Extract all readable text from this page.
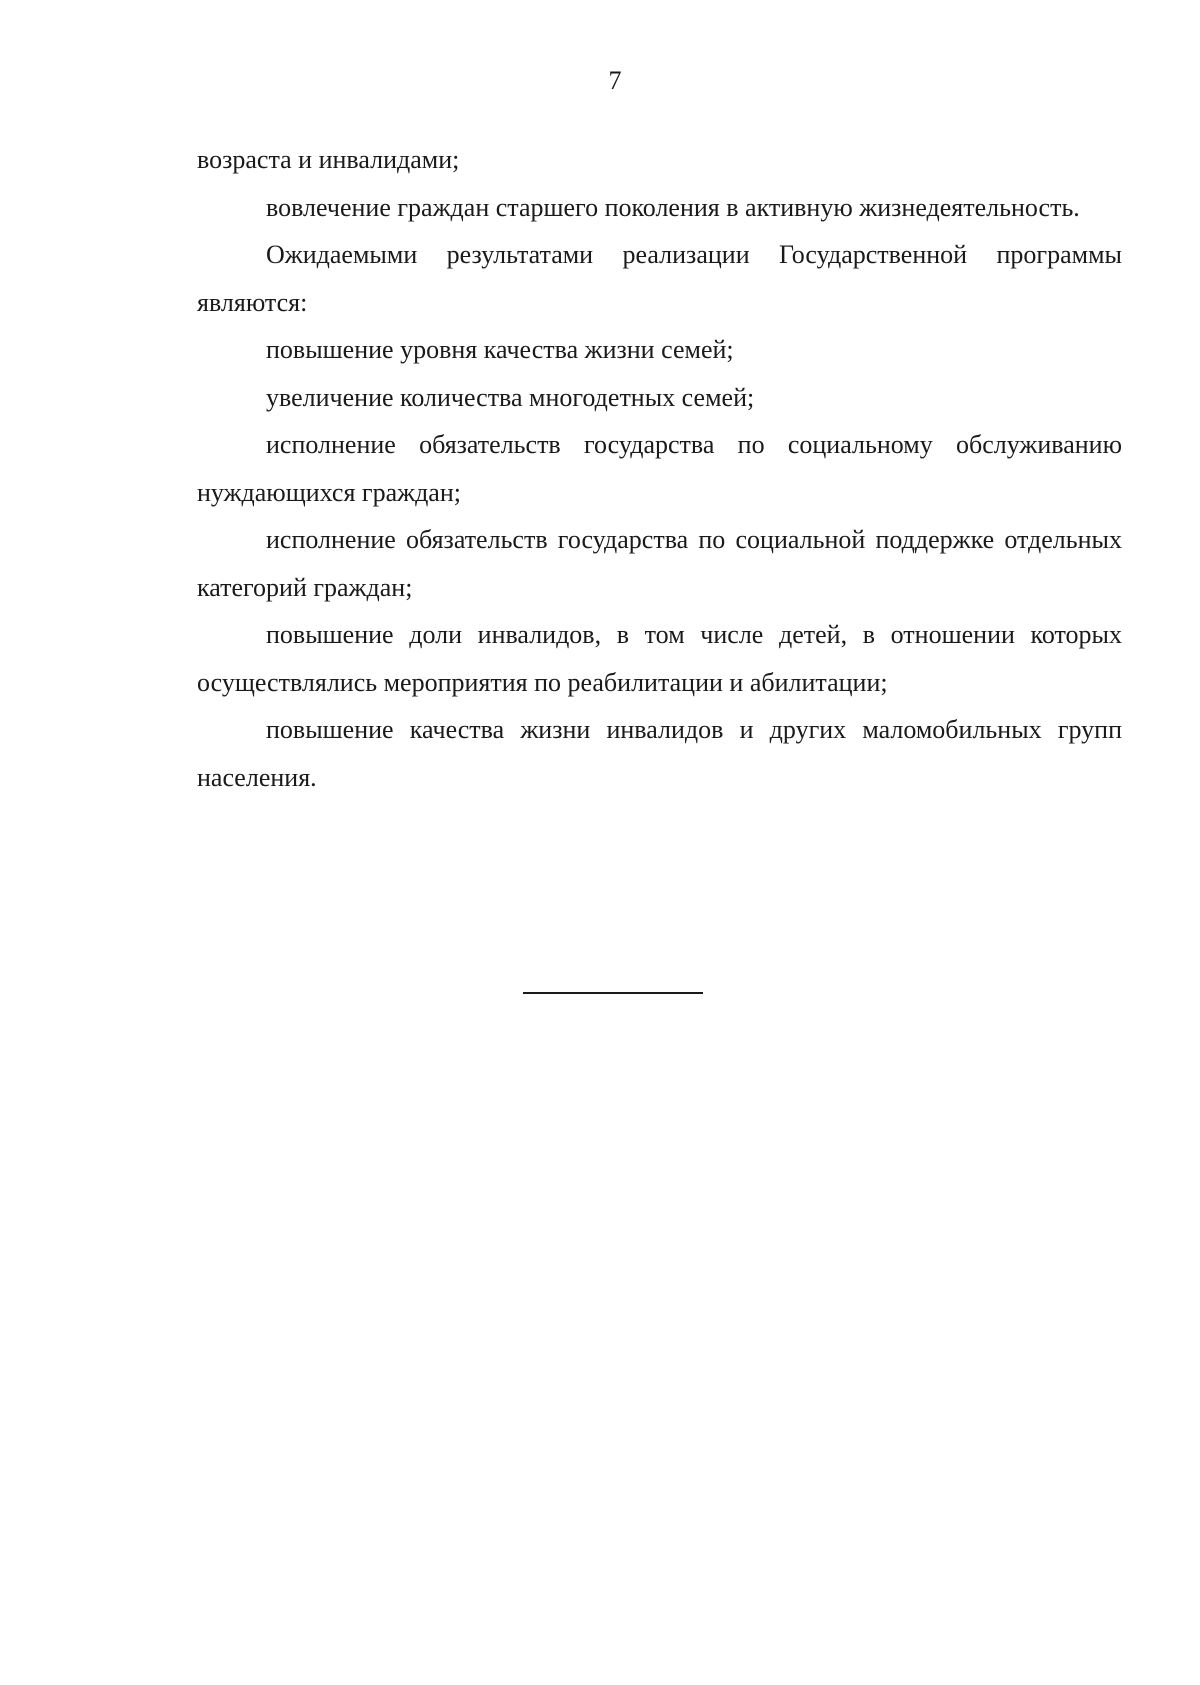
7

возраста и инвалидами;

вовлечение граждан старшего поколения в активную жизнедеятельность.

Ожидаемыми результатами реализации Государственной программы являются:

повышение уровня качества жизни семей;

увеличение количества многодетных семей;

исполнение обязательств государства по социальному обслуживанию нуждающихся граждан;

исполнение обязательств государства по социальной поддержке отдельных категорий граждан;

повышение доли инвалидов, в том числе детей, в отношении которых осуществлялись мероприятия по реабилитации и абилитации;

повышение качества жизни инвалидов и других маломобильных групп населения.
